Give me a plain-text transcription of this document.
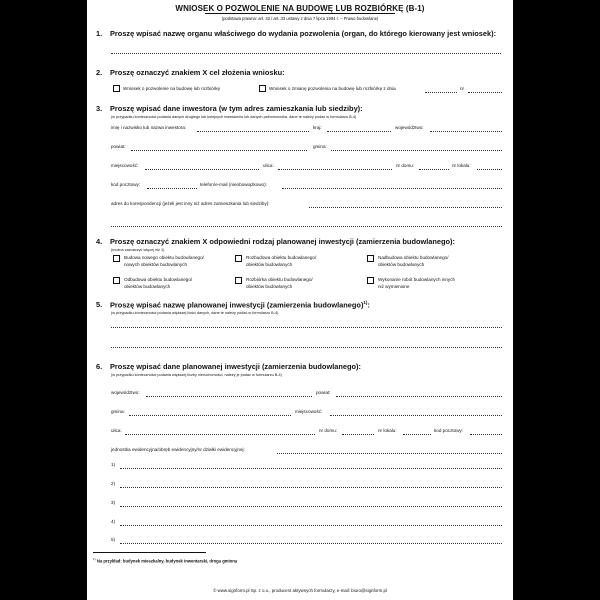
WNIOSEK O POZWOLENIE NA BUDOWĘ LUB ROZBIÓRKĘ (B-1)
(podstawa prawna: art. 32 i art. 33 ustawy z dnia 7 lipca 1994 r. – Prawo budowlane)
1. Proszę wpisać nazwę organu właściwego do wydania pozwolenia (organ, do którego kierowany jest wniosek):
2. Proszę oznaczyć znakiem X cel złożenia wniosku:
Wniosek o pozwolenie na budowę lub rozbiórkę	Wniosek o zmianę pozwolenia na budowę lub rozbiórkę z dnia	nr
3. Proszę wpisać dane inwestora (w tym adres zamieszkania lub siedziby):
(w przypadku konieczności podania danych drugiego lub kolejnych inwestorów lub danych pełnomocnika, dane te należy podać w formularzu B-4)
imię i nazwisko lub nazwa inwestora:	kraj:	województwo:
powiat:	gmina:
miejscowość:	ulica:	nr domu:	nr lokalu:
kod pocztowy:	telefon/e-mail (nieobowiązkowo):
adres do korespondencji (jeżeli jest inny niż adres zamieszkania lub siedziby):
4. Proszę oznaczyć znakiem X odpowiedni rodzaj planowanej inwestycji (zamierzenia budowlanego):
(można zaznaczyć więcej niż 1)
Budowa nowego obiektu budowlanego/
nowych obiektów budowlanych
Rozbudowa obiektu budowlanego/
obiektów budowlanych
Nadbudowa obiektu budowlanego/
obiektów budowlanych
Odbudowa obiektu budowlanego/
obiektów budowlanych
Rozbiórka obiektu budowlanego/
obiektów budowlanych
Wykonanie robót budowlanych innych
niż wymienione
5. Proszę wpisać nazwę planowanej inwestycji (zamierzenia budowlanego)$^{1)}$:
(w przypadku konieczności podania większej ilości danych, dane te należy podać w formularzu B-4)
6. Proszę wpisać dane planowanej inwestycji (zamierzenia budowlanego):
(w przypadku konieczności podania większej liczby nieruchomości, należy je podać w formularzu B-4)
województwo:	powiat:
gmina:	miejscowość:
ulica:	nr domu:	nr lokalu:	kod pocztowy:
jednostka ewidencyjna/obręb ewidencyjny/nr działki ewidencyjnej:
1)
2)
3)
4)
5)
$^{1)}$ Na przykład: budynek mieszkalny, budynek inwentarski, droga gminna
© www.signform.pl Sp. z o.o., producent aktywnych formularzy, e-mail: biuro@signform.pl
